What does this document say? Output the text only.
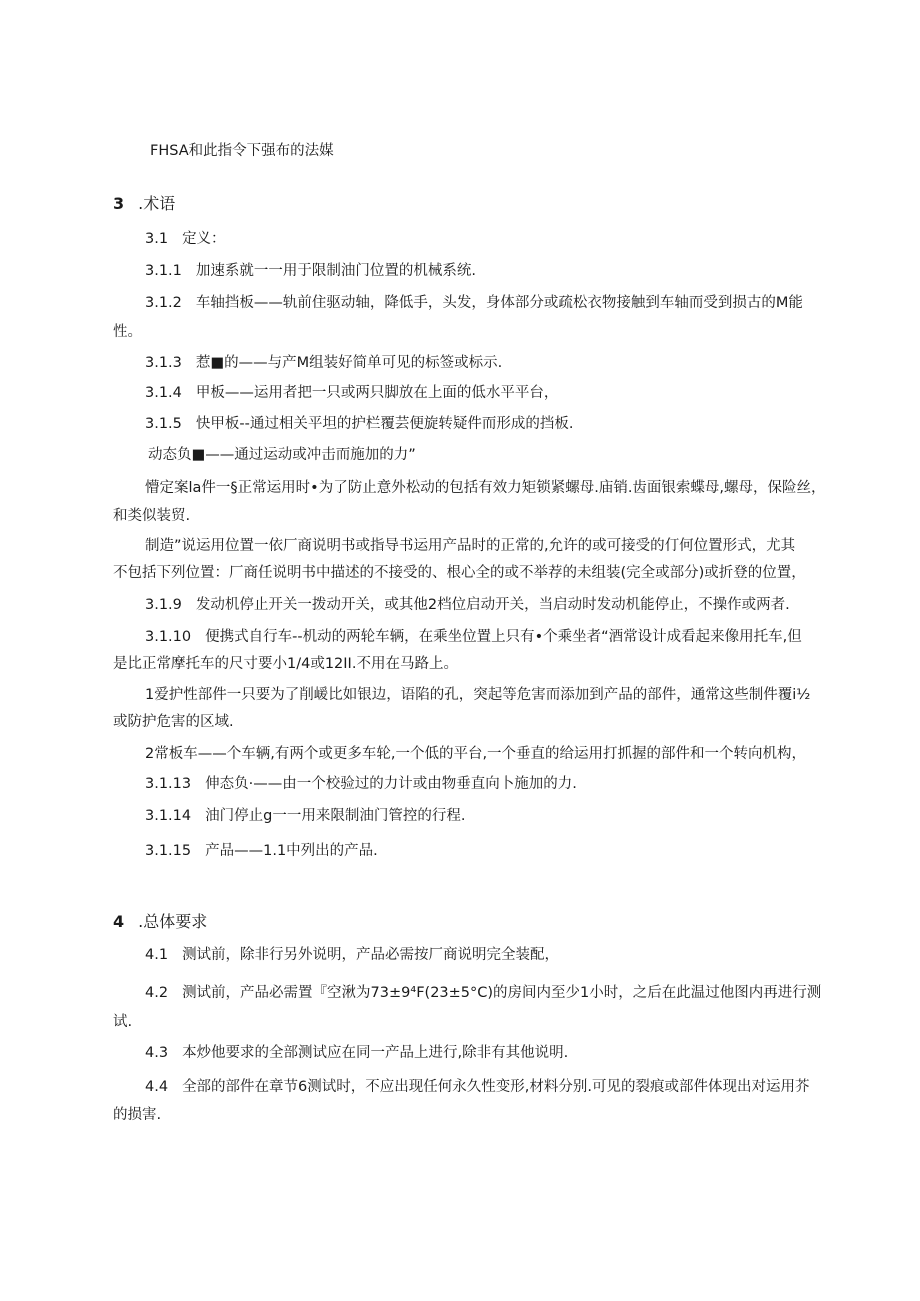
FHSA和此指令下强布的法媒
3 .术语
3.1 定义：
3.1.1 加速系就一一用于限制油门位置的机械系统.
3.1.2 车轴挡板——轨前住驱动轴，降低手，头发，身体部分或疏松衣物接触到车轴而受到损古的M能
性。
3.1.3 惹■的——与产M组装好简单可见的标签或标示.
3.1.4 甲板——运用者把一只或两只脚放在上面的低水平平台，
3.1.5 快甲板--通过相关平坦的护栏覆芸便旋转疑件而形成的挡板.
动态负■——通过运动或冲击而施加的力”
懵定案la件一§正常运用时•为了防止意外松动的包括有效力矩锁紧螺母.庙销.齿面银索蝶母,螺母，保险丝，
和类似装贸.
制造”说运用位置一依厂商说明书或指导书运用产品时的正常的,允许的或可接受的仃何位置形式，尤其
不包括下列位置：厂商任说明书中描述的不接受的、根心全的或不举荐的未组装(完全或部分)或折登的位置，
3.1.9 发动机停止开关一拨动开关，或其他2档位启动开关，当启动时发动机能停止，不操作或两者.
3.1.10 便携式自行车--机动的两轮车辆，在乘坐位置上只有•个乘坐者“酒常设计成看起来像用托车,但
是比正常摩托车的尺寸要小1/4或12II.不用在马路上。
1爱护性部件一只要为了削嵈比如银边，语陷的孔，突起等危害而添加到产品的部件，通常这些制件覆i½
或防护危害的区域.
2常板车——个车辆,有两个或更多车轮,一个低的平台,一个垂直的给运用打抓握的部件和一个转向机构，
3.1.13 伸态负·——由一个校验过的力计或由物垂直向卜施加的力.
3.1.14 油门停止g一一用来限制油门管控的行程.
3.1.15 产品——1.1中列出的产品.
4 .总体要求
4.1 测试前，除非行另外说明，产品必需按厂商说明完全装配，
4.2 测试前，产品必需置『空湫为73±9⁴F(23±5°C)的房间内至少1小时，之后在此温过他图内再进行测
试.
4.3 本炒他要求的全部测试应在同一产品上进行,除非有其他说明.
4.4 全部的部件在章节6测试时，不应出现任何永久性变形,材料分别.可见的裂痕或部件体现出对运用芥
的损害.
